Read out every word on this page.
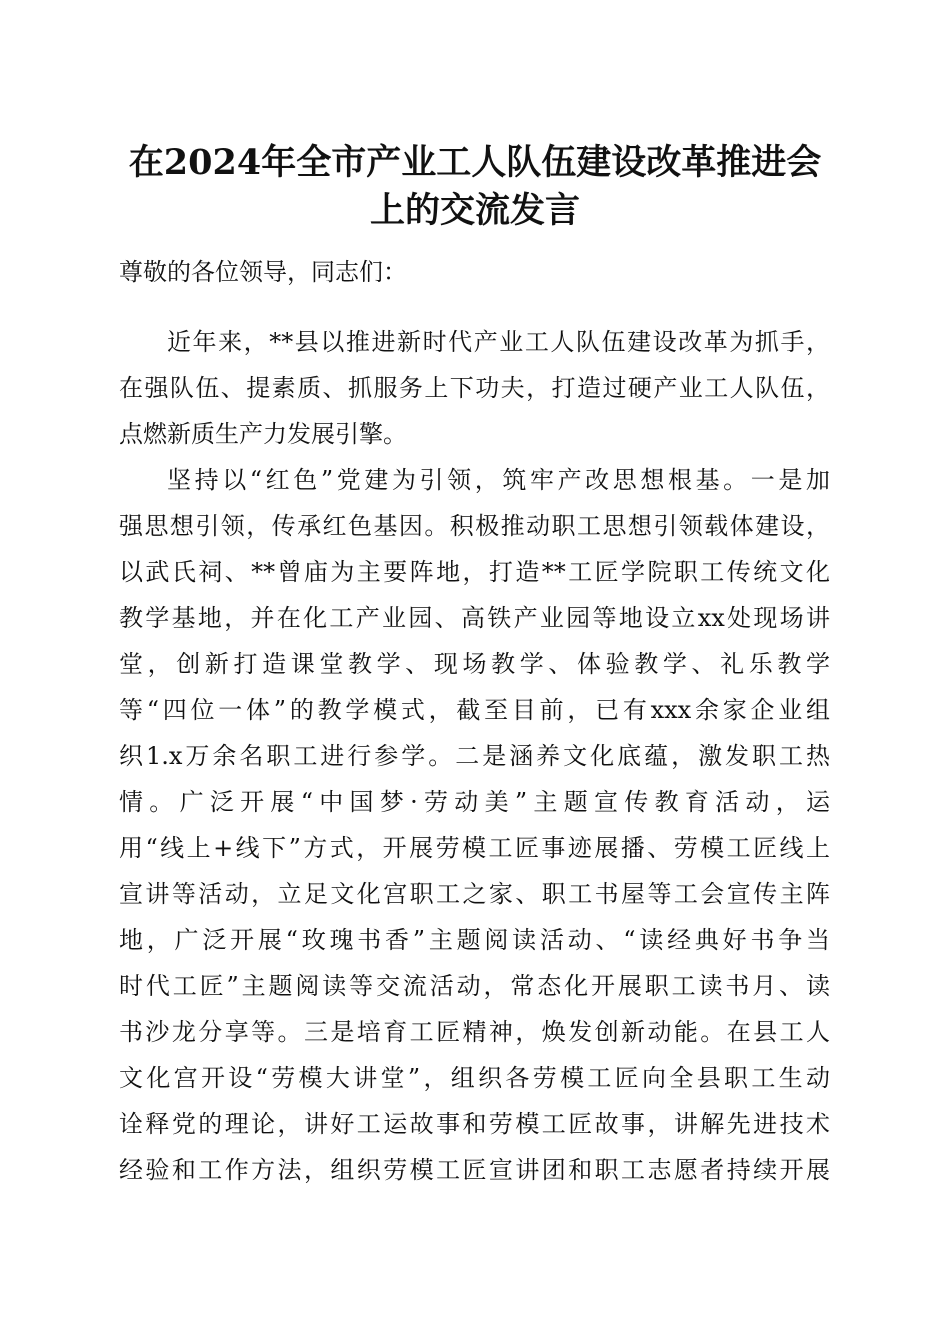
在2024年全市产业工人队伍建设改革推进会
上的交流发言
尊敬的各位领导，同志们：
近年来，**县以推进新时代产业工人队伍建设改革为抓手，
在强队伍、提素质、抓服务上下功夫，打造过硬产业工人队伍，
点燃新质生产力发展引擎。
坚持以“红色”党建为引领，筑牢产改思想根基。一是加
强思想引领，传承红色基因。积极推动职工思想引领载体建设，
以武氏祠、**曾庙为主要阵地，打造**工匠学院职工传统文化
教学基地，并在化工产业园、高铁产业园等地设立xx处现场讲
堂，创新打造课堂教学、现场教学、体验教学、礼乐教学
等“四位一体”的教学模式，截至目前，已有xxx余家企业组
织1.x万余名职工进行参学。二是涵养文化底蕴，激发职工热
情。广泛开展“中国梦·劳动美”主题宣传教育活动，运
用“线上+线下”方式，开展劳模工匠事迹展播、劳模工匠线上
宣讲等活动，立足文化宫职工之家、职工书屋等工会宣传主阵
地，广泛开展“玫瑰书香”主题阅读活动、“读经典好书争当
时代工匠”主题阅读等交流活动，常态化开展职工读书月、读
书沙龙分享等。三是培育工匠精神，焕发创新动能。在县工人
文化宫开设“劳模大讲堂”，组织各劳模工匠向全县职工生动
诠释党的理论，讲好工运故事和劳模工匠故事，讲解先进技术
经验和工作方法，组织劳模工匠宣讲团和职工志愿者持续开展
